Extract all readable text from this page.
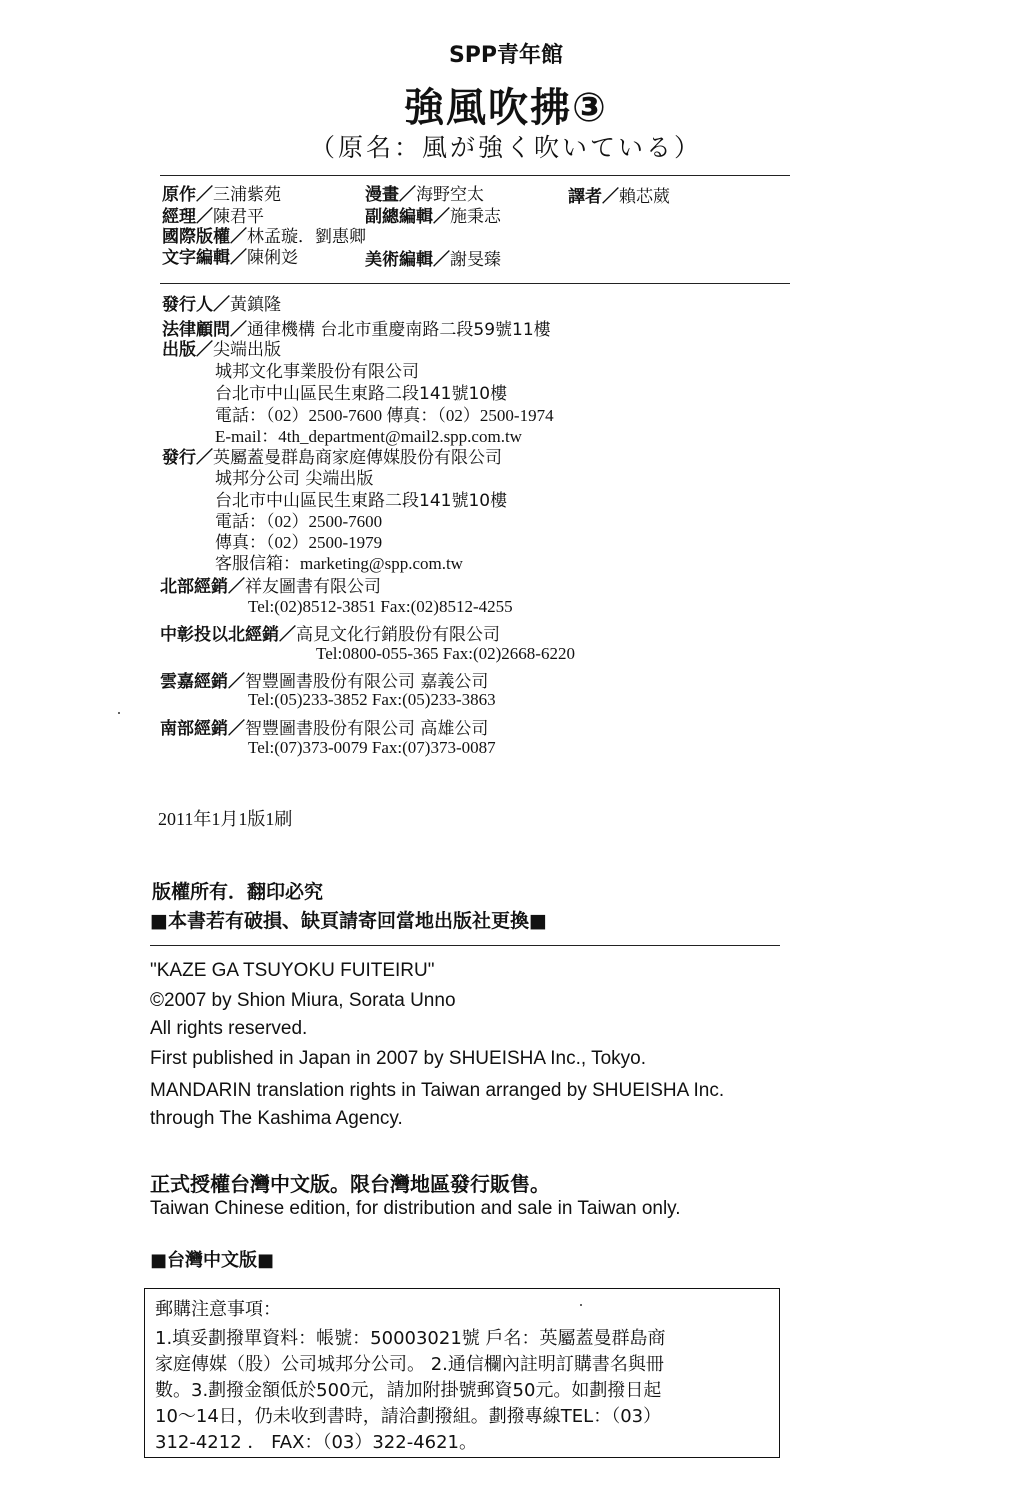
SPP青年館
強風吹拂③
（原名：風が強く吹いている）
原作／三浦紫苑	漫畫／海野空太	譯者／賴芯葳
經理／陳君平	副總編輯／施秉志
國際版權／林孟璇．劉惠卿
文字編輯／陳俐彣	美術編輯／謝旻臻
發行人／黃鎮隆
法律顧問／通律機構 台北市重慶南路二段59號11樓
出版／尖端出版
城邦文化事業股份有限公司
台北市中山區民生東路二段141號10樓
電話：（02）2500-7600 傳真：（02）2500-1974
E-mail：4th_department@mail2.spp.com.tw
發行／英屬蓋曼群島商家庭傳媒股份有限公司
城邦分公司 尖端出版
台北市中山區民生東路二段141號10樓
電話：（02）2500-7600
傳真：（02）2500-1979
客服信箱：marketing@spp.com.tw
北部經銷／祥友圖書有限公司
Tel:(02)8512-3851 Fax:(02)8512-4255
中彰投以北經銷／高見文化行銷股份有限公司
Tel:0800-055-365 Fax:(02)2668-6220
雲嘉經銷／智豐圖書股份有限公司 嘉義公司
Tel:(05)233-3852 Fax:(05)233-3863
南部經銷／智豐圖書股份有限公司 高雄公司
Tel:(07)373-0079 Fax:(07)373-0087
2011年1月1版1刷
版權所有．翻印必究
■本書若有破損、缺頁請寄回當地出版社更換■
"KAZE GA TSUYOKU FUITEIRU"
©2007 by Shion Miura, Sorata Unno
All rights reserved.
First published in Japan in 2007 by SHUEISHA Inc., Tokyo.
MANDARIN translation rights in Taiwan arranged by SHUEISHA Inc.
through The Kashima Agency.
正式授權台灣中文版。限台灣地區發行販售。
Taiwan Chinese edition, for distribution and sale in Taiwan only.
■台灣中文版■
郵購注意事項：
1.填妥劃撥單資料：帳號：50003021號 戶名：英屬蓋曼群島商
家庭傳媒（股）公司城邦分公司。 2.通信欄內註明訂購書名與冊
數。3.劃撥金額低於500元，請加附掛號郵資50元。如劃撥日起
10～14日，仍未收到書時，請洽劃撥組。劃撥專線TEL：（03）
312-4212 ． FAX：（03）322-4621。
